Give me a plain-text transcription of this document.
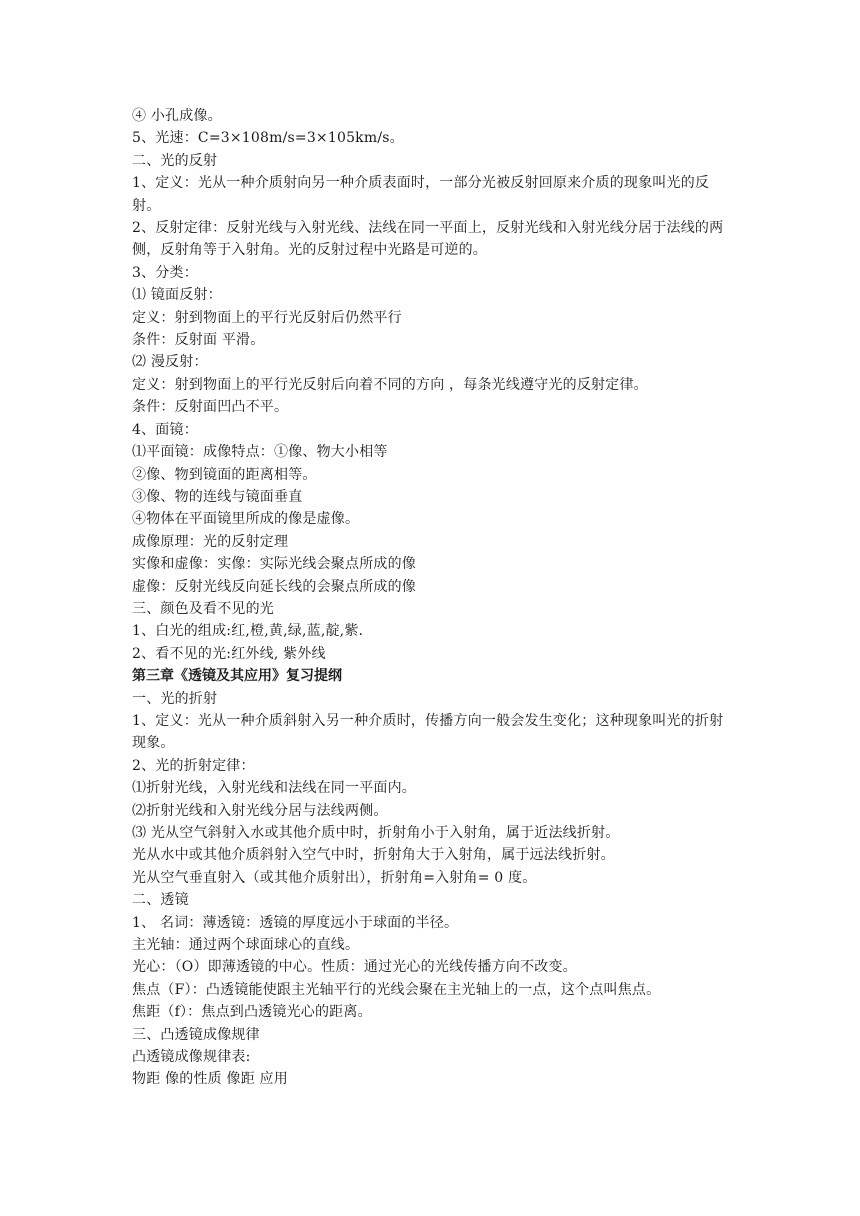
④ 小孔成像。
5、光速：C=3×108m/s=3×105km/s。
二、光的反射
1、定义：光从一种介质射向另一种介质表面时，一部分光被反射回原来介质的现象叫光的反射。
2、反射定律：反射光线与入射光线、法线在同一平面上，反射光线和入射光线分居于法线的两侧，反射角等于入射角。光的反射过程中光路是可逆的。
3、分类：
⑴ 镜面反射：
定义：射到物面上的平行光反射后仍然平行
条件：反射面 平滑。
⑵ 漫反射：
定义：射到物面上的平行光反射后向着不同的方向 ，每条光线遵守光的反射定律。
条件：反射面凹凸不平。
4、面镜：
⑴平面镜：成像特点：①像、物大小相等
②像、物到镜面的距离相等。
③像、物的连线与镜面垂直
④物体在平面镜里所成的像是虚像。
成像原理：光的反射定理
实像和虚像：实像：实际光线会聚点所成的像
虚像：反射光线反向延长线的会聚点所成的像
三、颜色及看不见的光
1、白光的组成:红,橙,黄,绿,蓝,靛,紫.
2、看不见的光:红外线, 紫外线
第三章《透镜及其应用》复习提纲
一、光的折射
1、定义：光从一种介质斜射入另一种介质时，传播方向一般会发生变化；这种现象叫光的折射现象。
2、光的折射定律：
⑴折射光线，入射光线和法线在同一平面内。
⑵折射光线和入射光线分居与法线两侧。
⑶ 光从空气斜射入水或其他介质中时，折射角小于入射角，属于近法线折射。
光从水中或其他介质斜射入空气中时，折射角大于入射角，属于远法线折射。
光从空气垂直射入（或其他介质射出），折射角=入射角= 0 度。
二、透镜
1、 名词：薄透镜：透镜的厚度远小于球面的半径。
主光轴：通过两个球面球心的直线。
光心：（O）即薄透镜的中心。性质：通过光心的光线传播方向不改变。
焦点（F）：凸透镜能使跟主光轴平行的光线会聚在主光轴上的一点，这个点叫焦点。
焦距（f）：焦点到凸透镜光心的距离。
三、凸透镜成像规律
凸透镜成像规律表:
物距 像的性质 像距 应用
